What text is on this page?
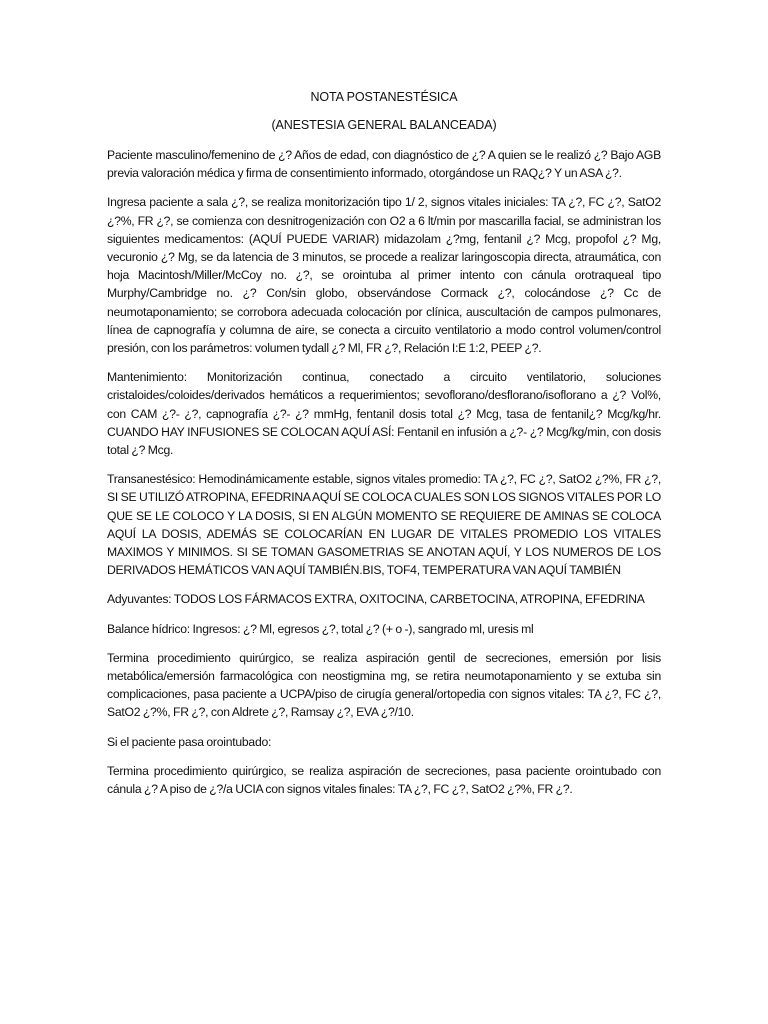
NOTA POSTANESTÉSICA
(ANESTESIA GENERAL BALANCEADA)

Paciente masculino/femenino de ¿? Años de edad, con diagnóstico de ¿? A quien se le realizó ¿? Bajo AGB previa valoración médica y firma de consentimiento informado, otorgándose un RAQ¿? Y un ASA ¿?.

Ingresa paciente a sala ¿?, se realiza monitorización tipo 1/ 2, signos vitales iniciales: TA ¿?, FC ¿?, SatO2 ¿?%, FR ¿?, se comienza con desnitrogenización con O2 a 6 lt/min por mascarilla facial, se administran los siguientes medicamentos: (AQUÍ PUEDE VARIAR) midazolam ¿?mg, fentanil ¿? Mcg, propofol ¿? Mg, vecuronio ¿? Mg, se da latencia de 3 minutos, se procede a realizar laringoscopia directa, atraumática, con hoja Macintosh/Miller/McCoy no. ¿?, se orointuba al primer intento con cánula orotraqueal tipo Murphy/Cambridge no. ¿? Con/sin globo, observándose Cormack ¿?, colocándose ¿? Cc de neumotaponamiento; se corrobora adecuada colocación por clínica, auscultación de campos pulmonares, línea de capnografía y columna de aire, se conecta a circuito ventilatorio a modo control volumen/control presión, con los parámetros: volumen tydall ¿? Ml, FR ¿?, Relación I:E 1:2, PEEP ¿?.

Mantenimiento: Monitorización continua, conectado a circuito ventilatorio, soluciones cristaloides/coloides/derivados hemáticos a requerimientos; sevoflorano/desflorano/isoflorano a ¿? Vol%, con CAM ¿?- ¿?, capnografía ¿?- ¿? mmHg, fentanil dosis total ¿? Mcg, tasa de fentanil¿? Mcg/kg/hr. CUANDO HAY INFUSIONES SE COLOCAN AQUÍ ASÍ: Fentanil en infusión a ¿?- ¿? Mcg/kg/min, con dosis total ¿? Mcg.

Transanestésico: Hemodinámicamente estable, signos vitales promedio: TA ¿?, FC ¿?, SatO2 ¿?%, FR ¿?, SI SE UTILIZÓ ATROPINA, EFEDRINA AQUÍ SE COLOCA CUALES SON LOS SIGNOS VITALES POR LO QUE SE LE COLOCO Y LA DOSIS, SI EN ALGÚN MOMENTO SE REQUIERE DE AMINAS SE COLOCA AQUÍ LA DOSIS, ADEMÁS SE COLOCARÍAN EN LUGAR DE VITALES PROMEDIO LOS VITALES MAXIMOS Y MINIMOS. SI SE TOMAN GASOMETRIAS SE ANOTAN AQUÍ, Y LOS NUMEROS DE LOS DERIVADOS HEMÁTICOS VAN AQUÍ TAMBIÉN.BIS, TOF4, TEMPERATURA VAN AQUÍ TAMBIÉN

Adyuvantes: TODOS LOS FÁRMACOS EXTRA, OXITOCINA, CARBETOCINA, ATROPINA, EFEDRINA

Balance hídrico: Ingresos: ¿? Ml, egresos ¿?, total ¿? (+ o -), sangrado ml, uresis ml

Termina procedimiento quirúrgico, se realiza aspiración gentil de secreciones, emersión por lisis metabólica/emersión farmacológica con neostigmina mg, se retira neumotaponamiento y se extuba sin complicaciones, pasa paciente a UCPA/piso de cirugía general/ortopedia con signos vitales: TA ¿?, FC ¿?, SatO2 ¿?%, FR ¿?, con Aldrete ¿?, Ramsay ¿?, EVA ¿?/10.

Si el paciente pasa orointubado:

Termina procedimiento quirúrgico, se realiza aspiración de secreciones, pasa paciente orointubado con cánula ¿? A piso de ¿?/a UCIA con signos vitales finales: TA ¿?, FC ¿?, SatO2 ¿?%, FR ¿?.
